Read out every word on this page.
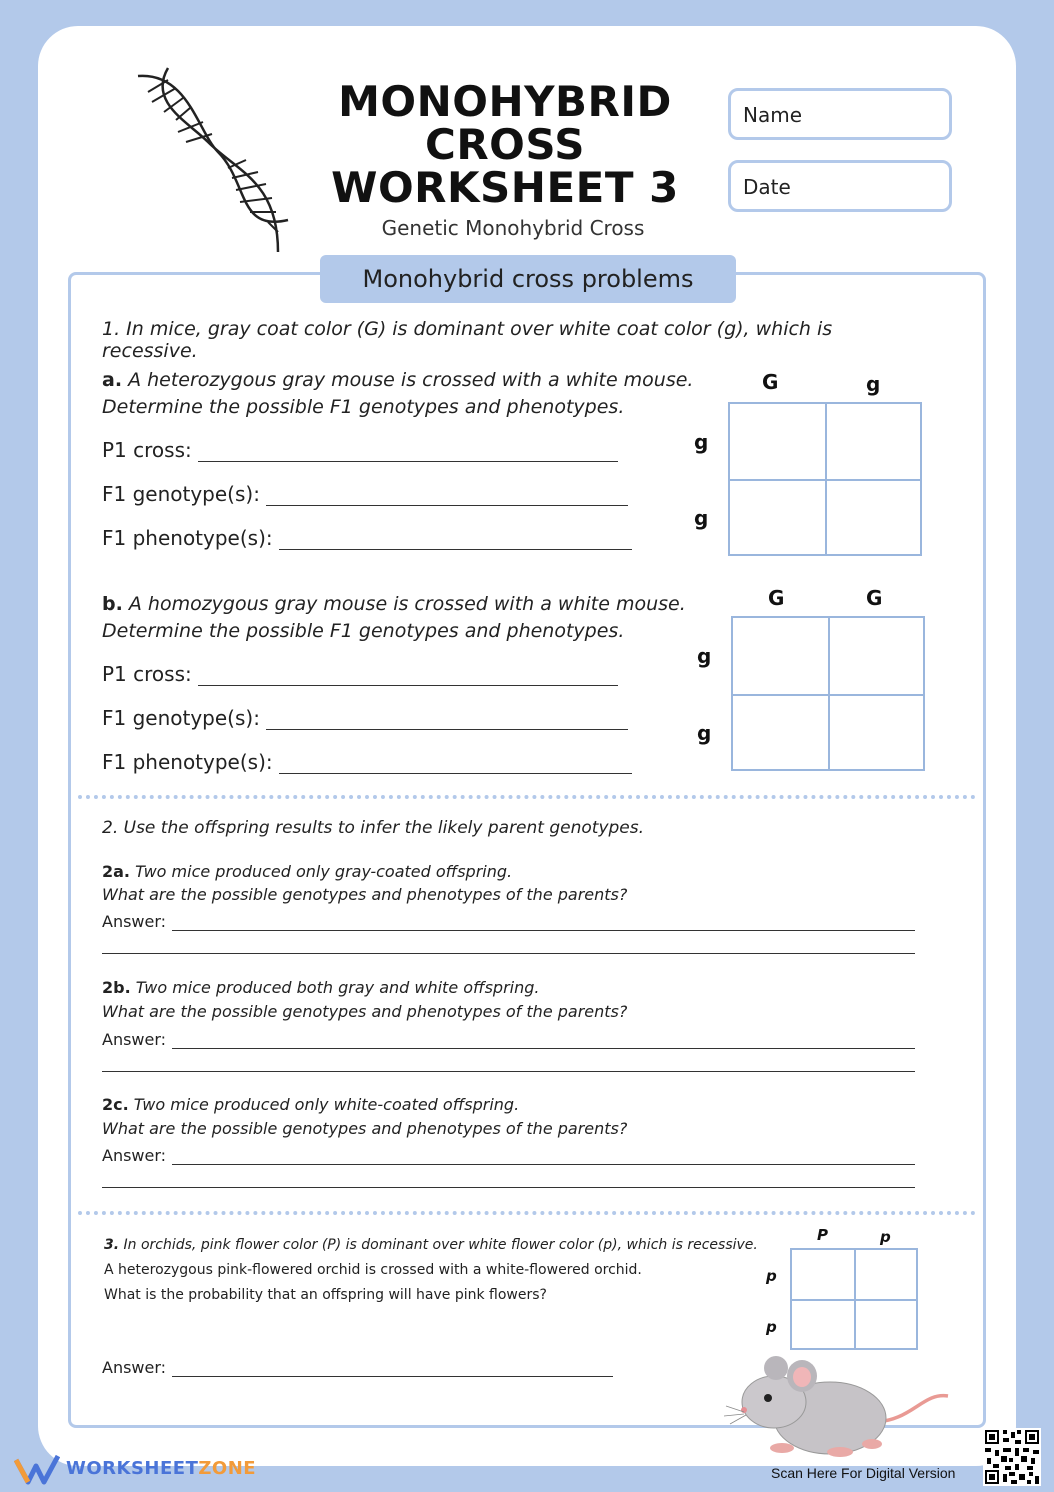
MONOHYBRID
CROSS
WORKSHEET 3
Genetic Monohybrid Cross
Name
Date
Monohybrid cross problems
1. In mice, gray coat color (G) is dominant over white coat color (g), which is recessive.
a. A heterozygous gray mouse is crossed with a white mouse.
Determine the possible F1 genotypes and phenotypes.
P1 cross:
F1 genotype(s):
F1 phenotype(s):
G	g
g
g
b. A homozygous gray mouse is crossed with a white mouse.
Determine the possible F1 genotypes and phenotypes.
P1 cross:
F1 genotype(s):
F1 phenotype(s):
G	G
g
g
2. Use the offspring results to infer the likely parent genotypes.
2a. Two mice produced only gray-coated offspring.
What are the possible genotypes and phenotypes of the parents?
Answer:
2b. Two mice produced both gray and white offspring.
What are the possible genotypes and phenotypes of the parents?
Answer:
2c. Two mice produced only white-coated offspring.
What are the possible genotypes and phenotypes of the parents?
Answer:
3. In orchids, pink flower color (P) is dominant over white flower color (p), which is recessive.
A heterozygous pink-flowered orchid is crossed with a white-flowered orchid.
What is the probability that an offspring will have pink flowers?
Answer:
P	p
p
p
WORKSHEETZONE	Scan Here For Digital Version
